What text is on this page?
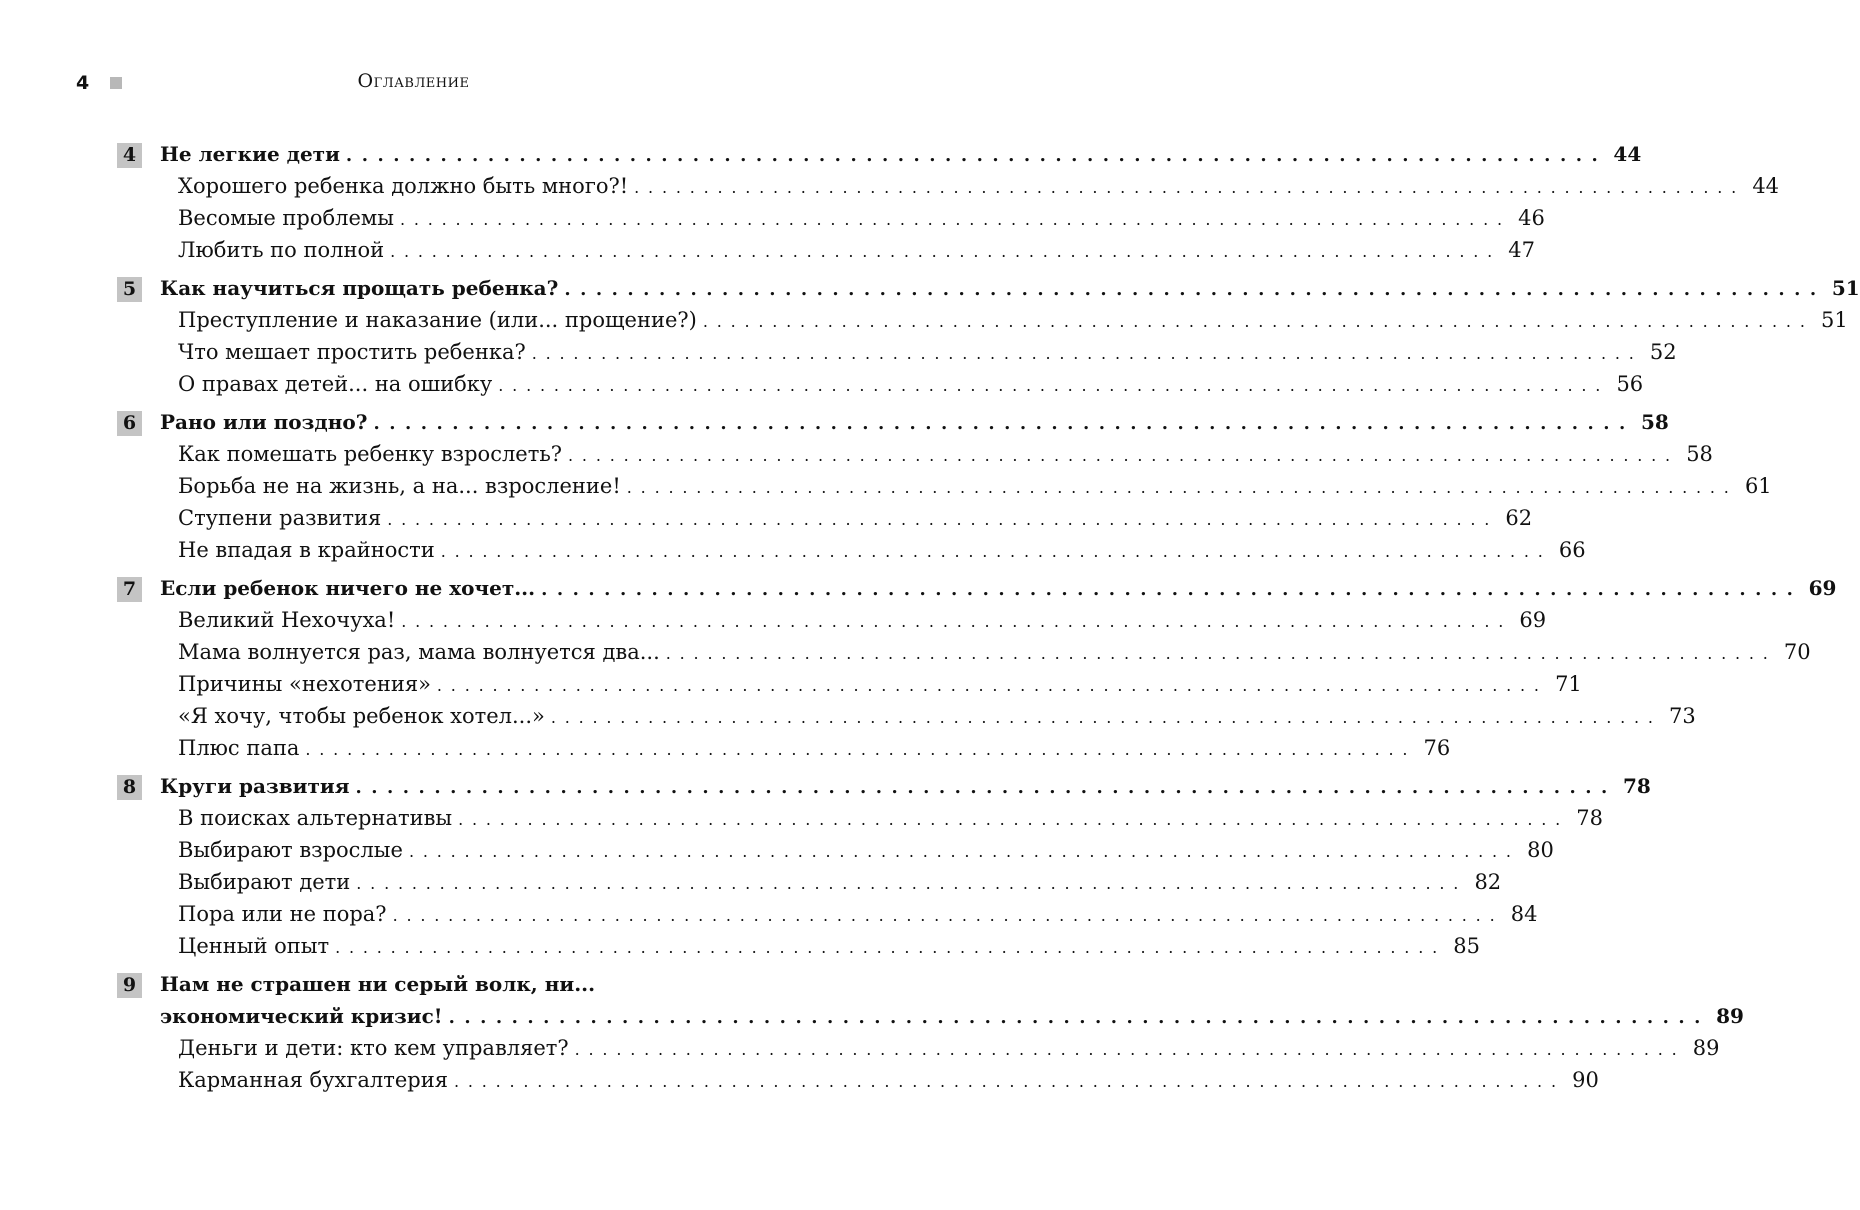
4	Оглавление
4 Не легкие дети ................................................................................ 44
Хорошего ребенка должно быть много?! ................................................................................ 44
Весомые проблемы ................................................................................ 46
Любить по полной ................................................................................ 47
5 Как научиться прощать ребенка? ................................................................................ 51
Преступление и наказание (или... прощение?) ................................................................................ 51
Что мешает простить ребенка? ................................................................................ 52
О правах детей... на ошибку ................................................................................ 56
6 Рано или поздно? ................................................................................ 58
Как помешать ребенку взрослеть? ................................................................................ 58
Борьба не на жизнь, а на... взросление! ................................................................................ 61
Ступени развития ................................................................................ 62
Не впадая в крайности ................................................................................ 66
7 Если ребенок ничего не хочет... ................................................................................ 69
Великий Нехочуха! ................................................................................ 69
Мама волнуется раз, мама волнуется два... ................................................................................ 70
Причины «нехотения» ................................................................................ 71
«Я хочу, чтобы ребенок хотел...» ................................................................................ 73
Плюс папа ................................................................................ 76
8 Круги развития ................................................................................ 78
В поисках альтернативы ................................................................................ 78
Выбирают взрослые ................................................................................ 80
Выбирают дети ................................................................................ 82
Пора или не пора? ................................................................................ 84
Ценный опыт ................................................................................ 85
9 Нам не страшен ни серый волк, ни...
экономический кризис! ................................................................................ 89
Деньги и дети: кто кем управляет? ................................................................................ 89
Карманная бухгалтерия ................................................................................ 90
